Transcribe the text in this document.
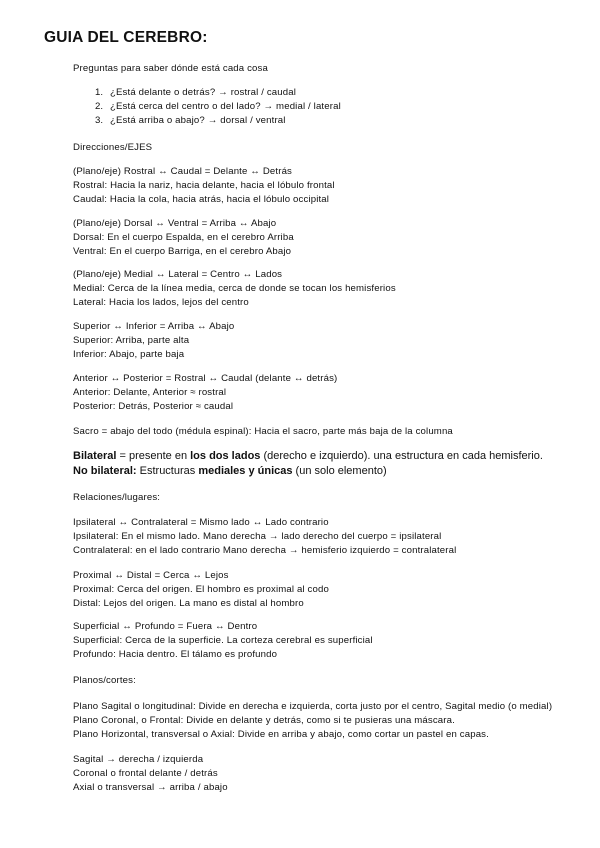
GUIA DEL CEREBRO:
Preguntas para saber dónde está cada cosa
1. ¿Está delante o detrás? → rostral / caudal
2. ¿Está cerca del centro o del lado? → medial / lateral
3. ¿Está arriba o abajo? → dorsal / ventral
Direcciones/EJES
(Plano/eje) Rostral ↔ Caudal = Delante ↔ Detrás
Rostral: Hacia la nariz, hacia delante, hacia el lóbulo frontal
Caudal: Hacia la cola, hacia atrás, hacia el lóbulo occipital
(Plano/eje) Dorsal ↔ Ventral = Arriba ↔ Abajo
Dorsal: En el cuerpo Espalda, en el cerebro Arriba
Ventral: En el cuerpo Barriga, en el cerebro Abajo
(Plano/eje) Medial ↔ Lateral = Centro ↔ Lados
Medial: Cerca de la línea media, cerca de donde se tocan los hemisferios
Lateral: Hacia los lados, lejos del centro
Superior ↔ Inferior = Arriba ↔ Abajo
Superior: Arriba, parte alta
Inferior: Abajo, parte baja
Anterior ↔ Posterior = Rostral ↔ Caudal (delante ↔ detrás)
Anterior: Delante, Anterior ≈ rostral
Posterior: Detrás, Posterior ≈ caudal
Sacro = abajo del todo (médula espinal): Hacia el sacro, parte más baja de la columna
Bilateral = presente en los dos lados (derecho e izquierdo). una estructura en cada hemisferio.
No bilateral: Estructuras mediales y únicas (un solo elemento)
Relaciones/lugares:
Ipsilateral ↔ Contralateral = Mismo lado ↔ Lado contrario
Ipsilateral: En el mismo lado. Mano derecha → lado derecho del cuerpo = ipsilateral
Contralateral: en el lado contrario Mano derecha → hemisferio izquierdo = contralateral
Proximal ↔ Distal = Cerca ↔ Lejos
Proximal: Cerca del origen. El hombro es proximal al codo
Distal: Lejos del origen. La mano es distal al hombro
Superficial ↔ Profundo = Fuera ↔ Dentro
Superficial: Cerca de la superficie. La corteza cerebral es superficial
Profundo: Hacia dentro. El tálamo es profundo
Planos/cortes:
Plano Sagital o longitudinal: Divide en derecha e izquierda, corta justo por el centro, Sagital medio (o medial)
Plano Coronal, o Frontal: Divide en delante y detrás, como si te pusieras una máscara.
Plano Horizontal, transversal o Axial: Divide en arriba y abajo, como cortar un pastel en capas.
Sagital → derecha / izquierda
Coronal o frontal delante / detrás
Axial o transversal → arriba / abajo
